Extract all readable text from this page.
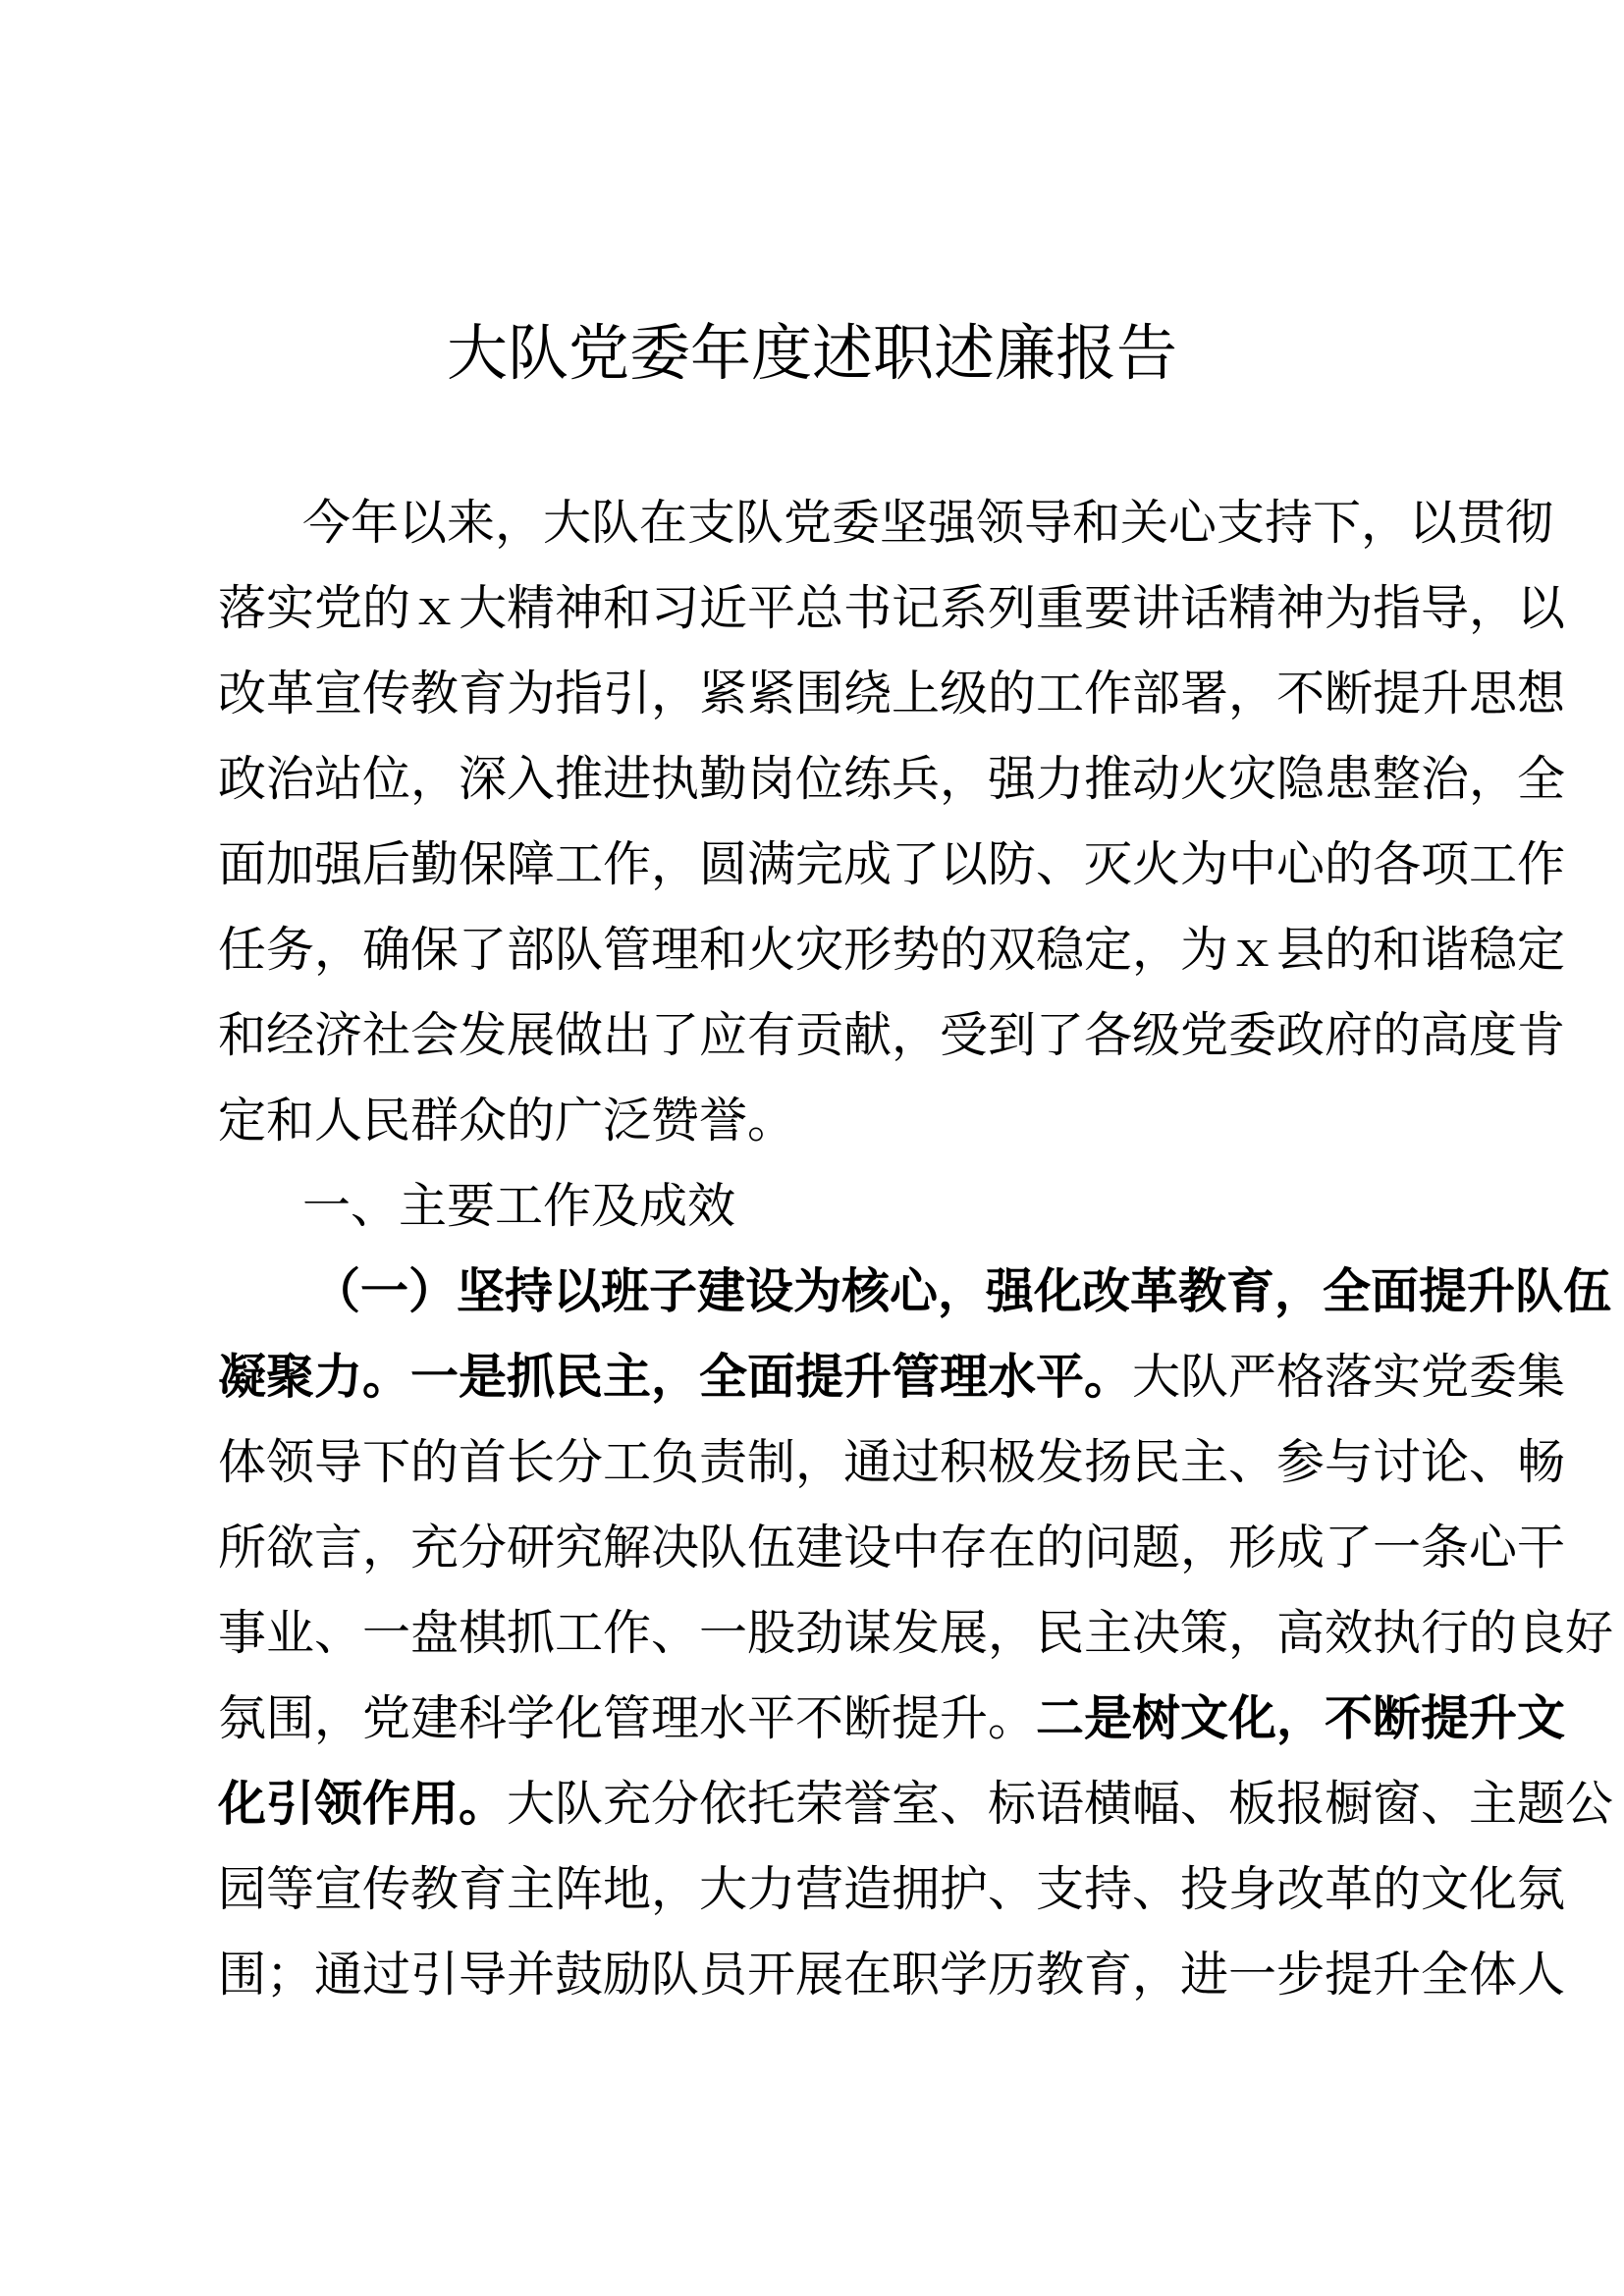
大队党委年度述职述廉报告
今年以来，大队在支队党委坚强领导和关心支持下，以贯彻
落实党的ｘ大精神和习近平总书记系列重要讲话精神为指导，以
改革宣传教育为指引，紧紧围绕上级的工作部署，不断提升思想
政治站位，深入推进执勤岗位练兵，强力推动火灾隐患整治，全
面加强后勤保障工作，圆满完成了以防、灭火为中心的各项工作
任务，确保了部队管理和火灾形势的双稳定，为ｘ县的和谐稳定
和经济社会发展做出了应有贡献，受到了各级党委政府的高度肯
定和人民群众的广泛赞誉。
一、主要工作及成效
（一）坚持以班子建设为核心，强化改革教育，全面提升队伍
凝聚力。一是抓民主，全面提升管理水平。大队严格落实党委集
体领导下的首长分工负责制，通过积极发扬民主、参与讨论、畅
所欲言，充分研究解决队伍建设中存在的问题，形成了一条心干
事业、一盘棋抓工作、一股劲谋发展，民主决策，高效执行的良好
氛围，党建科学化管理水平不断提升。二是树文化，不断提升文
化引领作用。大队充分依托荣誉室、标语横幅、板报橱窗、主题公
园等宣传教育主阵地，大力营造拥护、支持、投身改革的文化氛
围；通过引导并鼓励队员开展在职学历教育，进一步提升全体人
